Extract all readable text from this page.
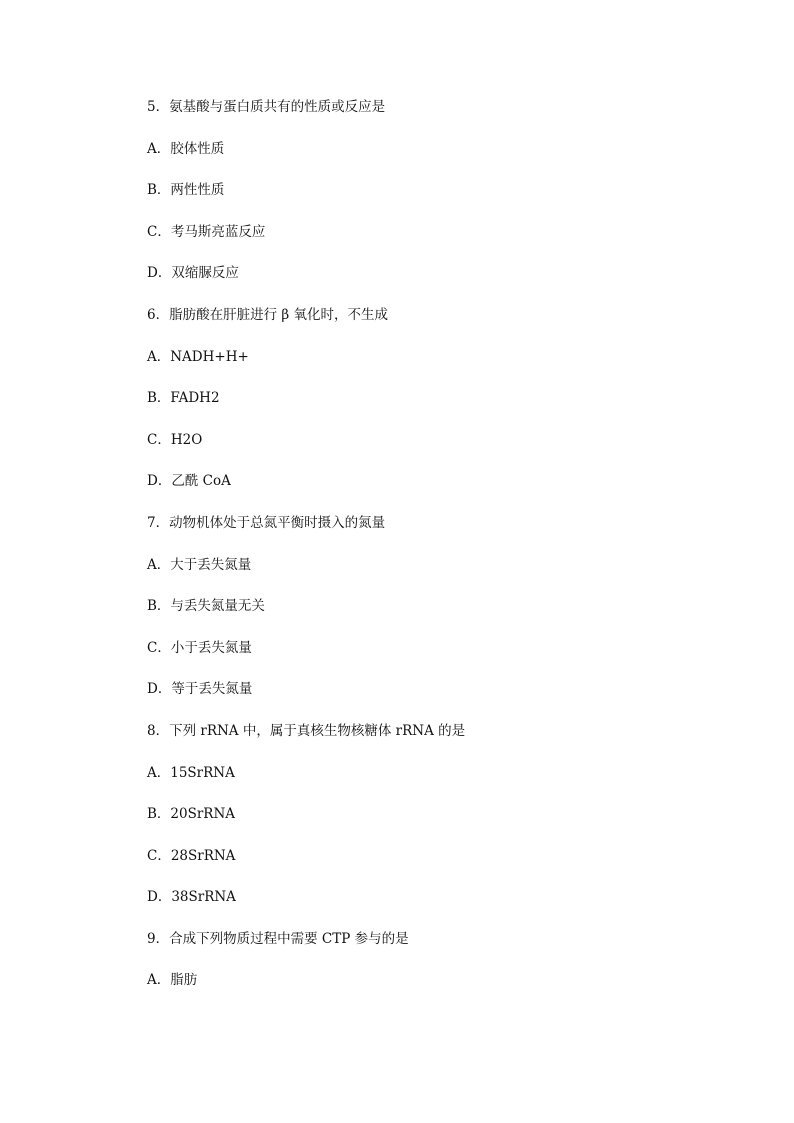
5．氨基酸与蛋白质共有的性质或反应是
A．胶体性质
B．两性性质
C．考马斯亮蓝反应
D．双缩脲反应
6．脂肪酸在肝脏进行 β 氧化时，不生成
A．NADH+H+
B．FADH2
C．H2O
D．乙酰 CoA
7．动物机体处于总氮平衡时摄入的氮量
A．大于丢失氮量
B．与丢失氮量无关
C．小于丢失氮量
D．等于丢失氮量
8．下列 rRNA 中，属于真核生物核糖体 rRNA 的是
A．15SrRNA
B．20SrRNA
C．28SrRNA
D．38SrRNA
9．合成下列物质过程中需要 CTP 参与的是
A．脂肪
